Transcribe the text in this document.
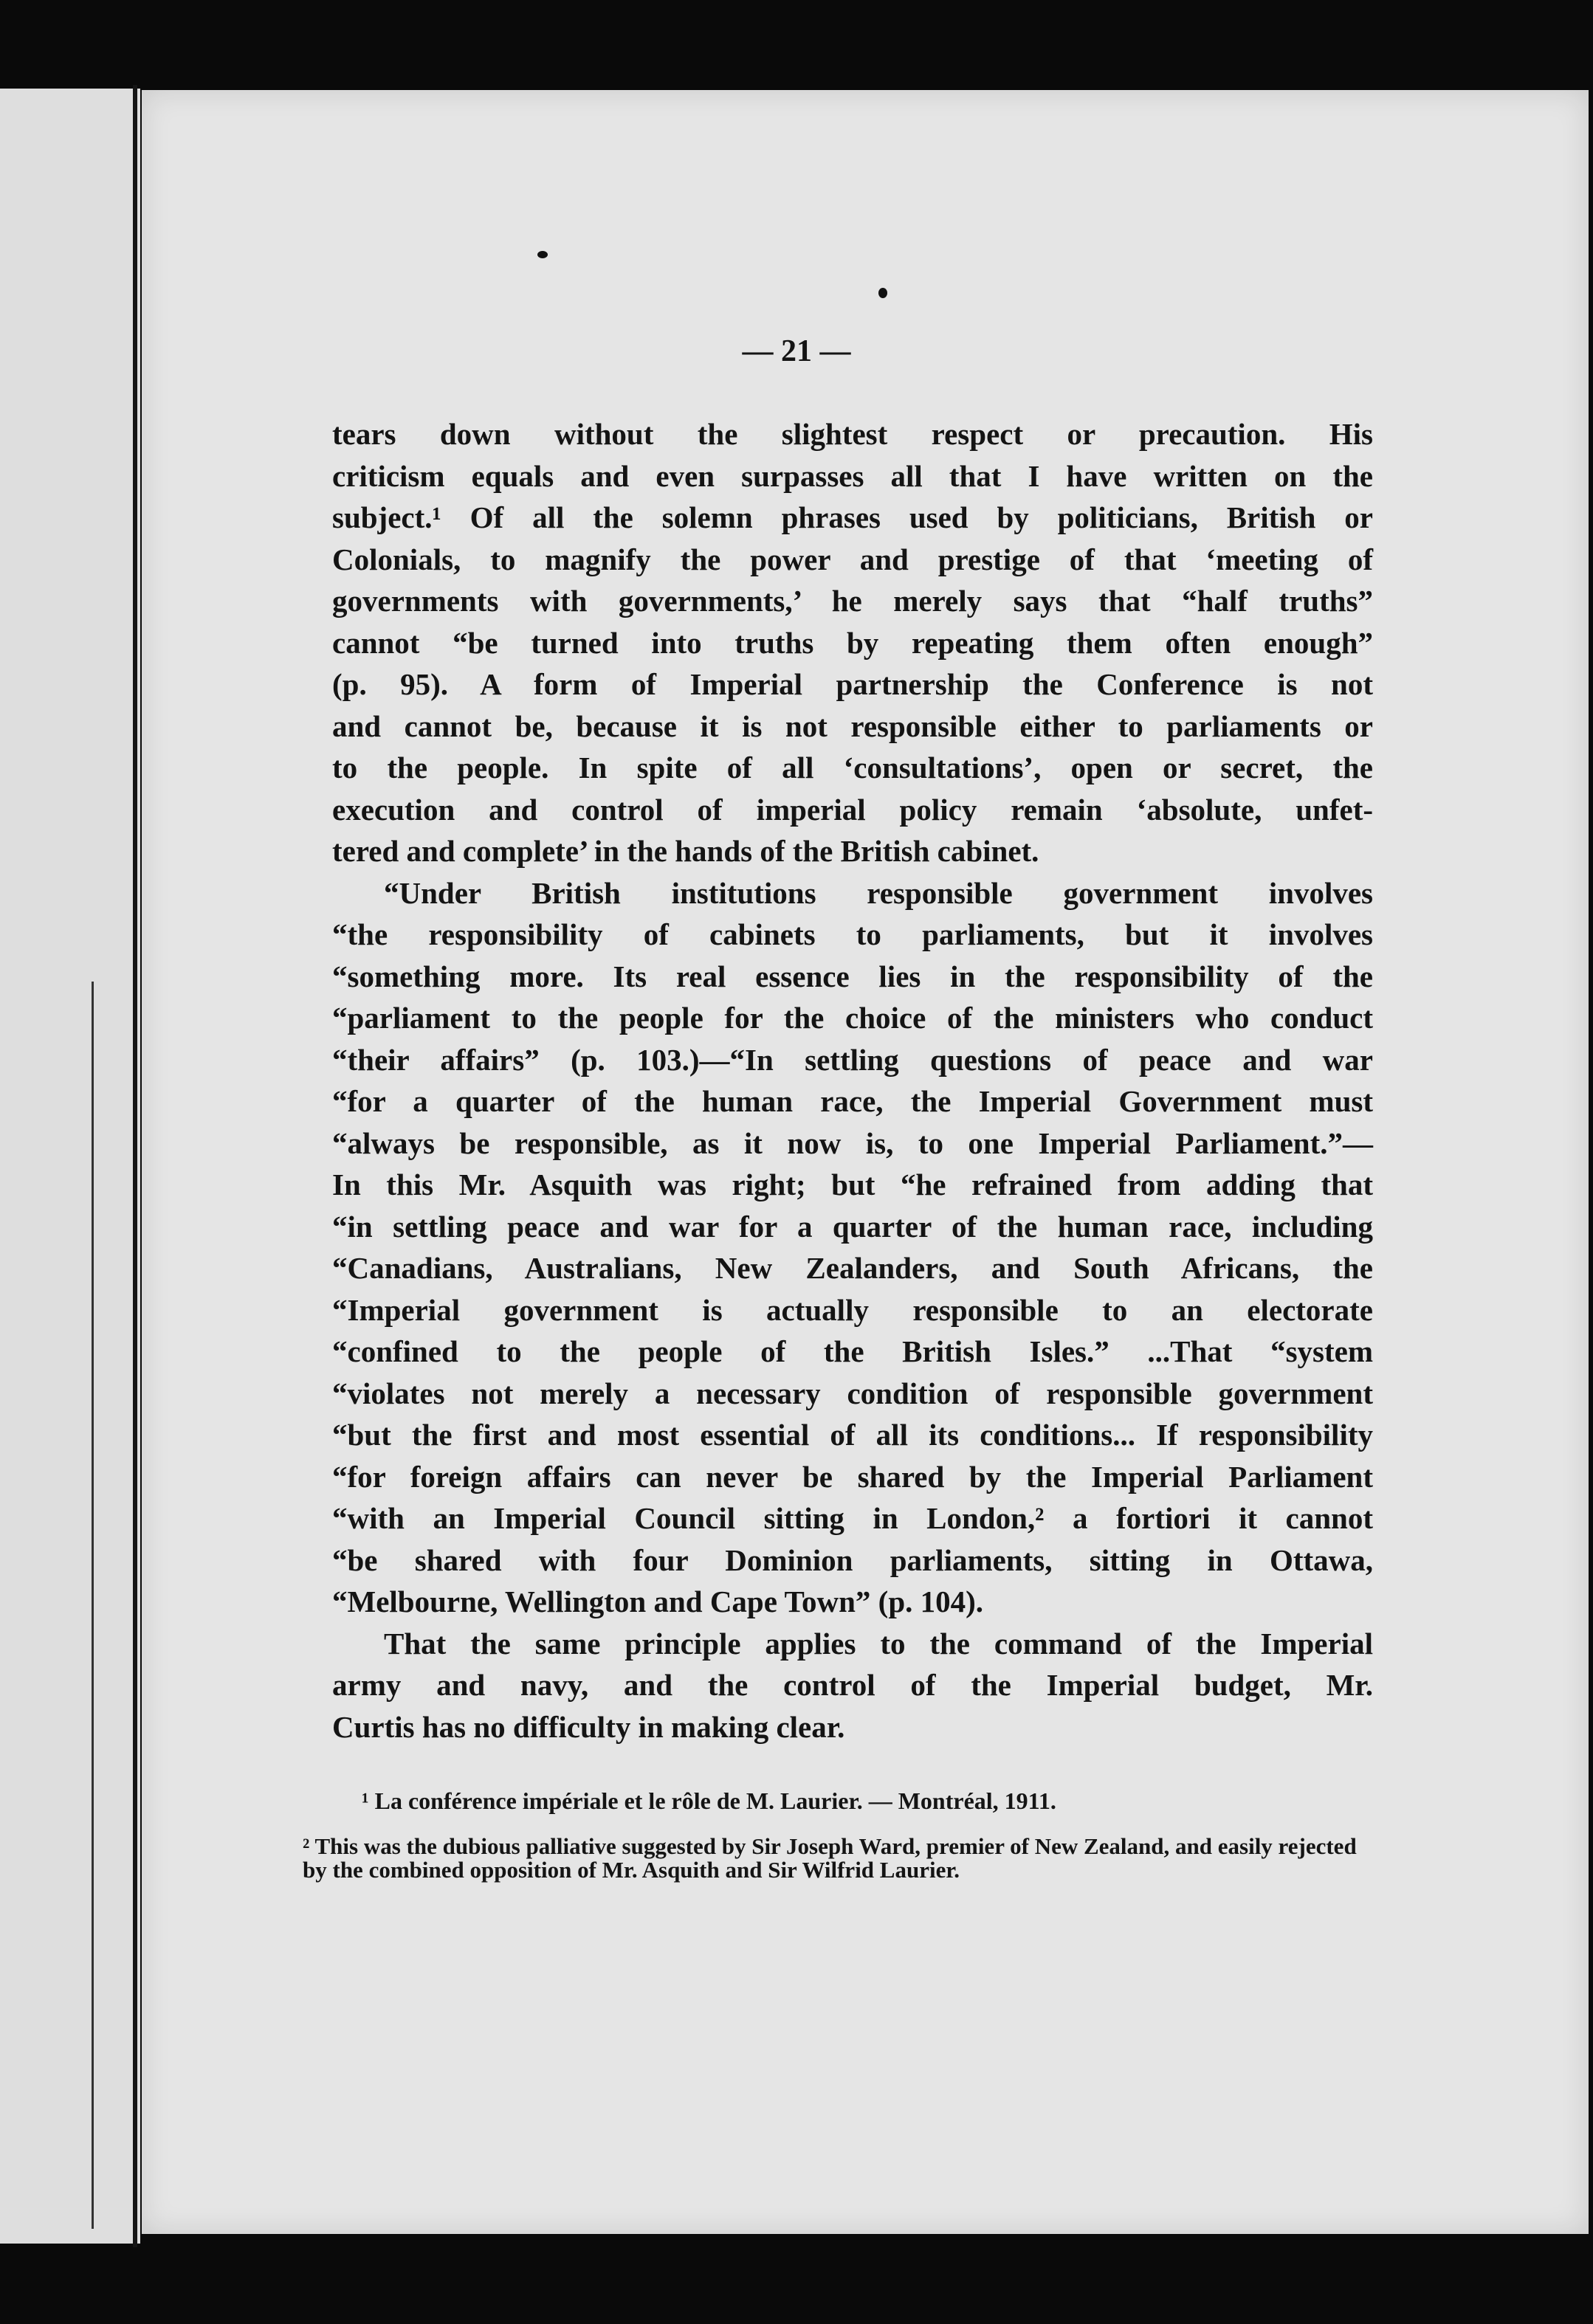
— 21 —
tears down without the slightest respect or precaution. His
criticism equals and even surpasses all that I have written on the
subject.¹ Of all the solemn phrases used by politicians, British or
Colonials, to magnify the power and prestige of that ‘meeting of
governments with governments,’ he merely says that “half truths”
cannot “be turned into truths by repeating them often enough”
(p. 95). A form of Imperial partnership the Conference is not
and cannot be, because it is not responsible either to parliaments or
to the people. In spite of all ‘consultations’, open or secret, the
execution and control of imperial policy remain ‘absolute, unfet-
tered and complete’ in the hands of the British cabinet.
“Under British institutions responsible government involves
“the responsibility of cabinets to parliaments, but it involves
“something more. Its real essence lies in the responsibility of the
“parliament to the people for the choice of the ministers who conduct
“their affairs” (p. 103.)—“In settling questions of peace and war
“for a quarter of the human race, the Imperial Government must
“always be responsible, as it now is, to one Imperial Parliament.”—
In this Mr. Asquith was right; but “he refrained from adding that
“in settling peace and war for a quarter of the human race, including
“Canadians, Australians, New Zealanders, and South Africans, the
“Imperial government is actually responsible to an electorate
“confined to the people of the British Isles.” ...That “system
“violates not merely a necessary condition of responsible government
“but the first and most essential of all its conditions... If responsibility
“for foreign affairs can never be shared by the Imperial Parliament
“with an Imperial Council sitting in London,² a fortiori it cannot
“be shared with four Dominion parliaments, sitting in Ottawa,
“Melbourne, Wellington and Cape Town” (p. 104).
That the same principle applies to the command of the Imperial
army and navy, and the control of the Imperial budget, Mr.
Curtis has no difficulty in making clear.
¹ La conférence impériale et le rôle de M. Laurier. — Montréal, 1911.
² This was the dubious palliative suggested by Sir Joseph Ward, premier of New Zealand, and easily rejected by the combined opposition of Mr. Asquith and Sir Wilfrid Laurier.
